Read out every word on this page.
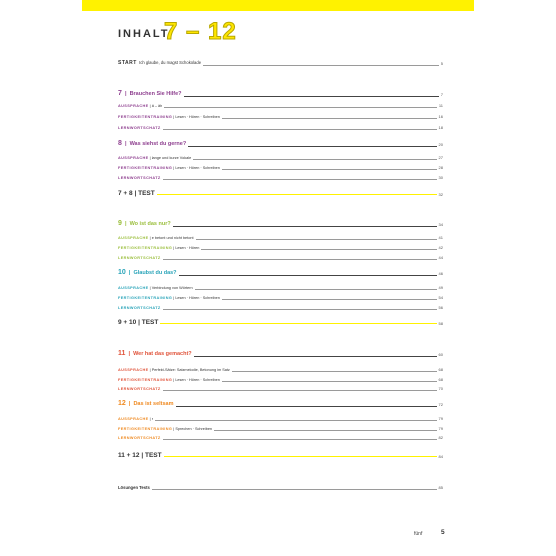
INHALT
7 – 12
START Ich glaube, du magst Schokolade	5
7  |  Brauchen Sie Hilfe?	7
AUSSPRACHE | ä – äh	11
FERTIGKEITENTRAINING | Lesen · Hören · Schreiben	16
LERNWORTSCHATZ	18
8  |  Was siehst du gerne?	20
AUSSPRACHE | lange und kurze Vokale	27
FERTIGKEITENTRAINING | Lesen · Hören · Schreiben	28
LERNWORTSCHATZ	30
7 + 8 | TEST	32
9  |  Wo ist das nur?	34
AUSSPRACHE | e betont und nicht betont	41
FERTIGKEITENTRAINING | Lesen · Hören	42
LERNWORTSCHATZ	44
10  |  Glaubst du das?	46
AUSSPRACHE | Verbindung von Wörtern	49
FERTIGKEITENTRAINING | Lesen · Hören · Schreiben	54
LERNWORTSCHATZ	56
9 + 10 | TEST	58
11  |  Wer hat das gemacht?	60
AUSSPRACHE | Perfekt-Sätze: Satzmelodie, Betonung im Satz	68
FERTIGKEITENTRAINING | Lesen · Hören · Schreiben	68
LERNWORTSCHATZ	70
12  |  Das ist seltsam	72
AUSSPRACHE | r	79
FERTIGKEITENTRAINING | Sprechen · Schreiben	79
LERNWORTSCHATZ	82
11 + 12 | TEST	84
Lösungen Tests	85
fünf	5
